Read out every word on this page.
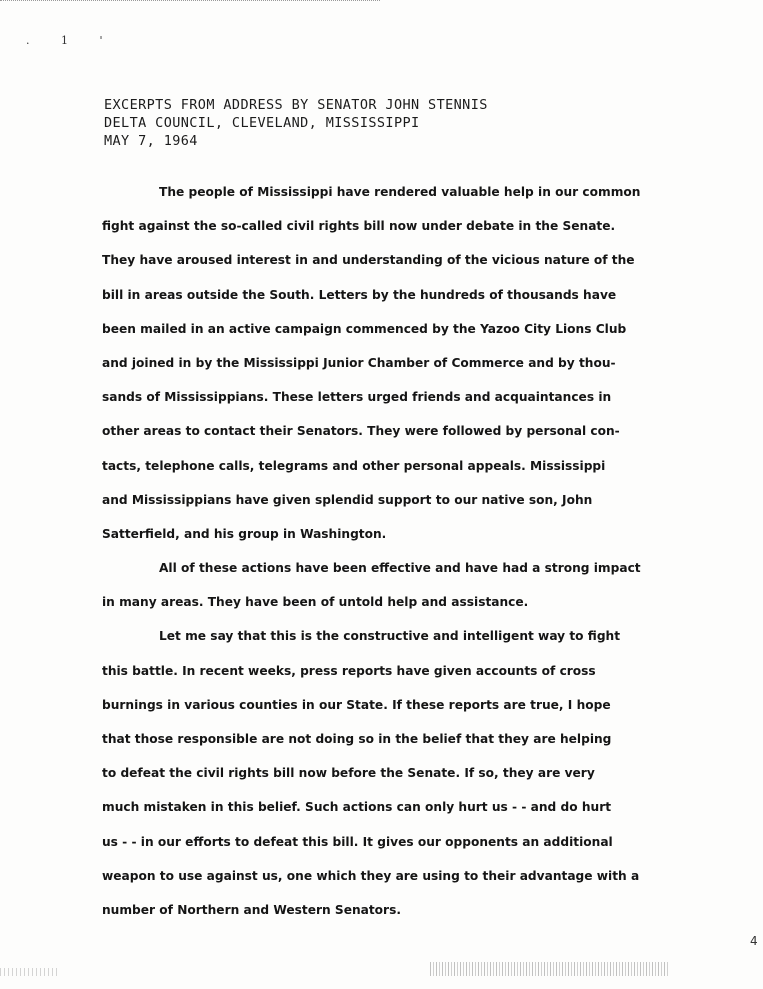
. 1 '
EXCERPTS FROM ADDRESS BY SENATOR JOHN STENNIS
DELTA COUNCIL, CLEVELAND, MISSISSIPPI
MAY 7, 1964
The people of Mississippi have rendered valuable help in our common
fight against the so-called civil rights bill now under debate in the Senate.
They have aroused interest in and understanding of the vicious nature of the
bill in areas outside the South. Letters by the hundreds of thousands have
been mailed in an active campaign commenced by the Yazoo City Lions Club
and joined in by the Mississippi Junior Chamber of Commerce and by thou-
sands of Mississippians. These letters urged friends and acquaintances in
other areas to contact their Senators. They were followed by personal con-
tacts, telephone calls, telegrams and other personal appeals. Mississippi
and Mississippians have given splendid support to our native son, John
Satterfield, and his group in Washington.
All of these actions have been effective and have had a strong impact
in many areas. They have been of untold help and assistance.
Let me say that this is the constructive and intelligent way to fight
this battle. In recent weeks, press reports have given accounts of cross
burnings in various counties in our State. If these reports are true, I hope
that those responsible are not doing so in the belief that they are helping
to defeat the civil rights bill now before the Senate. If so, they are very
much mistaken in this belief. Such actions can only hurt us - - and do hurt
us - - in our efforts to defeat this bill. It gives our opponents an additional
weapon to use against us, one which they are using to their advantage with a
number of Northern and Western Senators.
4
